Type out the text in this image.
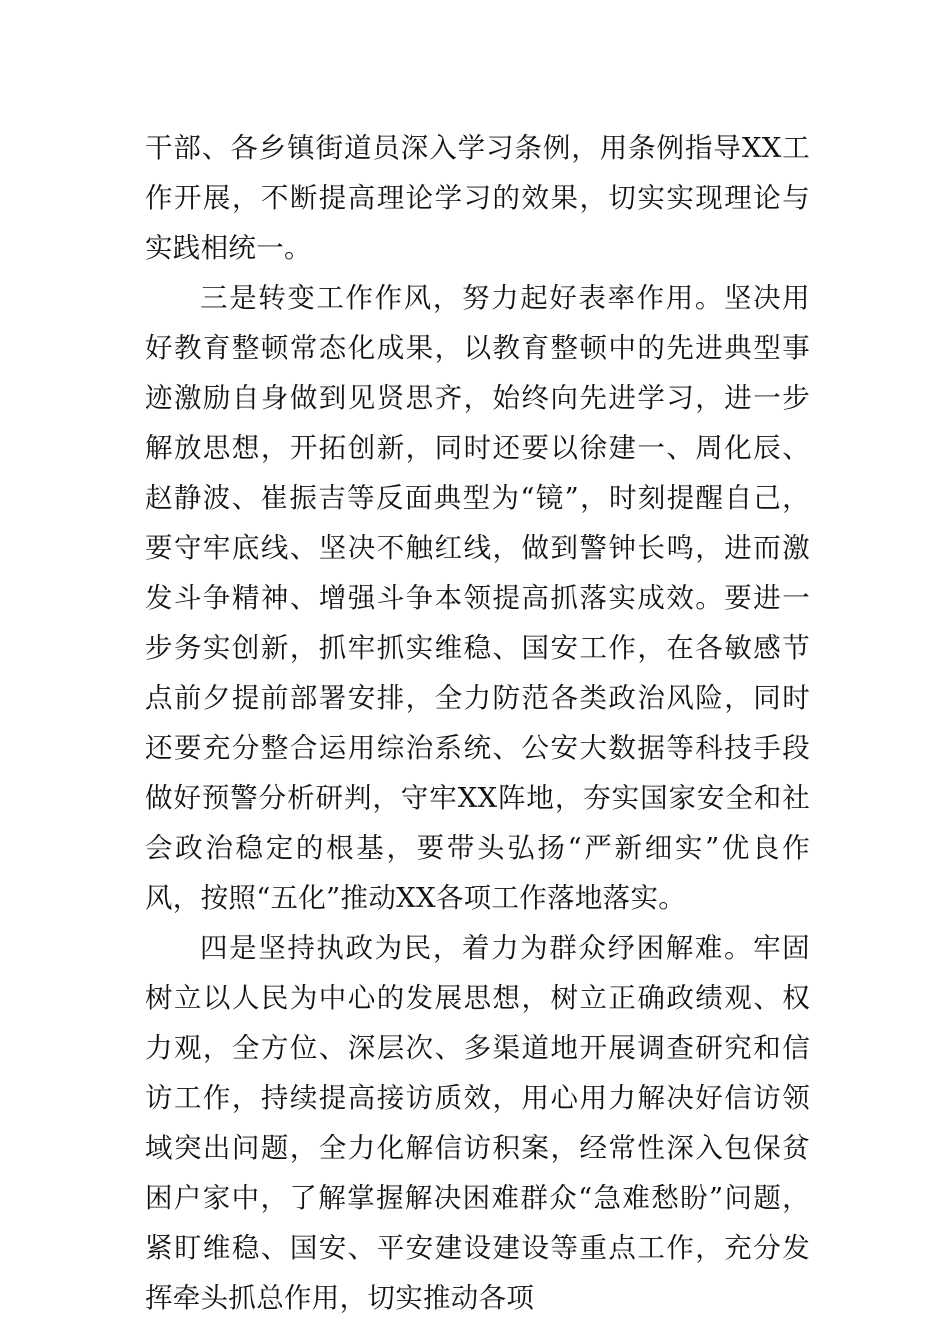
干部、各乡镇街道员深入学习条例，用条例指导XX工作开展，不断提高理论学习的效果，切实实现理论与实践相统一。

三是转变工作作风，努力起好表率作用。坚决用好教育整顿常态化成果，以教育整顿中的先进典型事迹激励自身做到见贤思齐，始终向先进学习，进一步解放思想，开拓创新，同时还要以徐建一、周化辰、赵静波、崔振吉等反面典型为“镜”，时刻提醒自己，要守牢底线、坚决不触红线，做到警钟长鸣，进而激发斗争精神、增强斗争本领提高抓落实成效。要进一步务实创新，抓牢抓实维稳、国安工作，在各敏感节点前夕提前部署安排，全力防范各类政治风险，同时还要充分整合运用综治系统、公安大数据等科技手段做好预警分析研判，守牢XX阵地，夯实国家安全和社会政治稳定的根基，要带头弘扬“严新细实”优良作风，按照“五化”推动XX各项工作落地落实。

四是坚持执政为民，着力为群众纾困解难。牢固树立以人民为中心的发展思想，树立正确政绩观、权力观，全方位、深层次、多渠道地开展调查研究和信访工作，持续提高接访质效，用心用力解决好信访领域突出问题，全力化解信访积案，经常性深入包保贫困户家中，了解掌握解决困难群众“急难愁盼”问题，紧盯维稳、国安、平安建设建设等重点工作，充分发挥牵头抓总作用，切实推动各项
